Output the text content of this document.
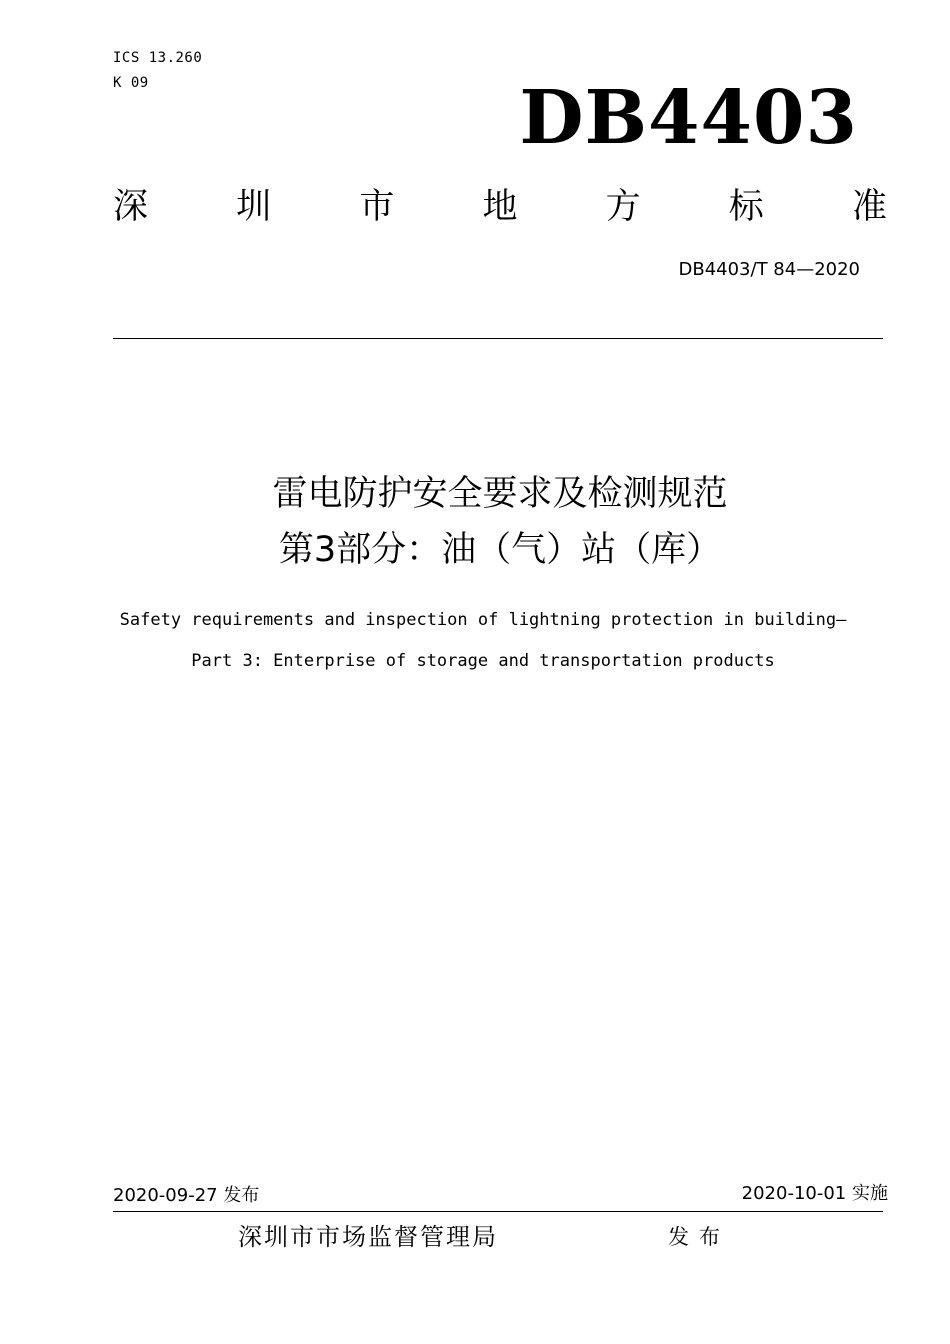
ICS 13.260
K 09	DB4403
深	圳	市	地	方	标	准
DB4403/T 84—2020
雷电防护安全要求及检测规范
第3部分：油（气）站（库）
Safety requirements and inspection of lightning protection in building—
Part 3: Enterprise of storage and transportation products
2020-09-27 发布	2020-10-01 实施
深圳市市场监督管理局	发布
